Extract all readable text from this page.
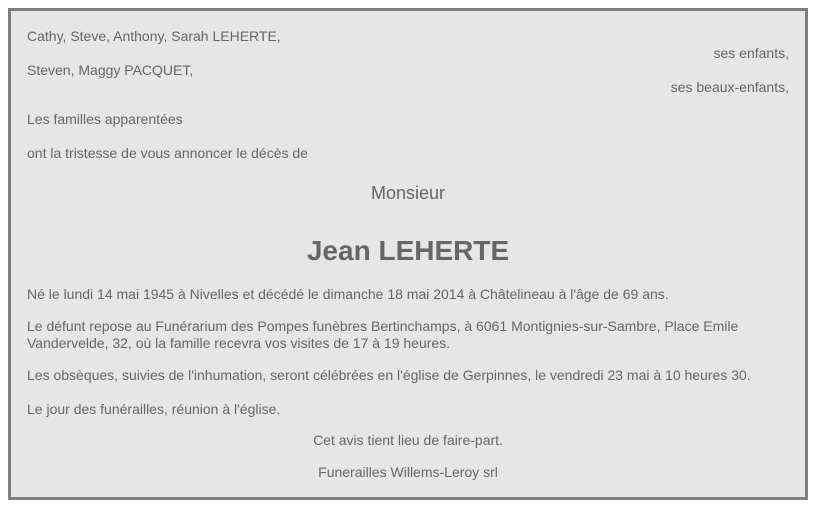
Cathy, Steve, Anthony, Sarah LEHERTE,

ses enfants,

Steven, Maggy PACQUET,

ses beaux-enfants,

Les familles apparentées

ont la tristesse de vous annoncer le décès de

Monsieur

Jean LEHERTE

Né le lundi 14 mai 1945 à Nivelles et décédé le dimanche 18 mai 2014 à Châtelineau à l'âge de 69 ans.

Le défunt repose au Funérarium des Pompes funèbres Bertinchamps, à 6061 Montignies-sur-Sambre, Place Emile Vandervelde, 32, où la famille recevra vos visites de 17 à 19 heures.

Les obsèques, suivies de l'inhumation, seront célébrées en l'église de Gerpinnes, le vendredi 23 mai à 10 heures 30.

Le jour des funérailles, réunion à l'église.

Cet avis tient lieu de faire-part.

Funerailles Willems-Leroy srl
